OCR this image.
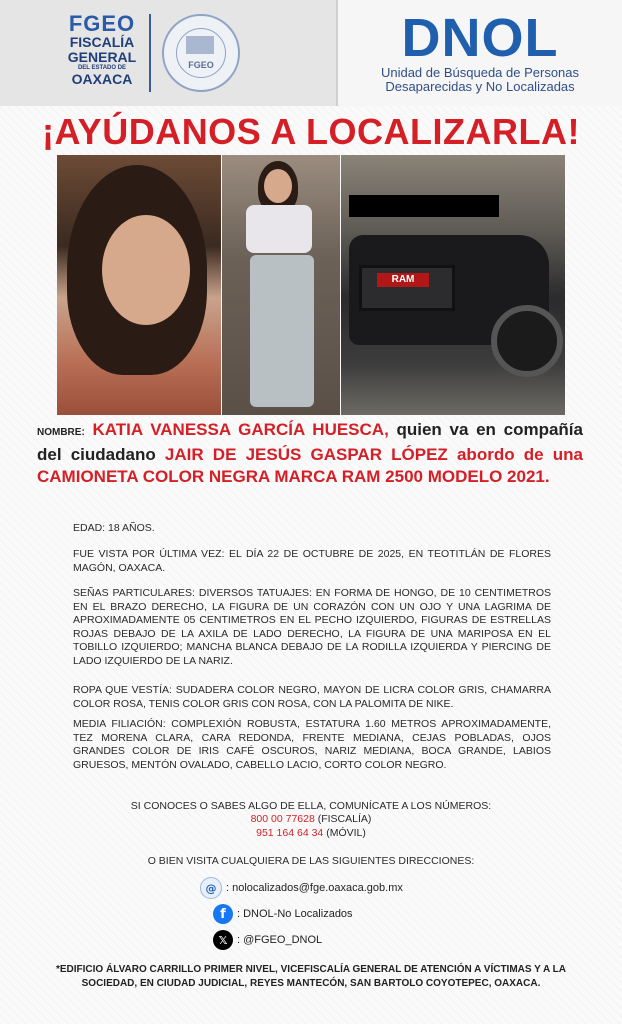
FGEO
FISCALÍA
GENERAL
DEL ESTADO DE
OAXACA
FGEO	DNOL
Unidad de Búsqueda de Personas
Desaparecidas y No Localizadas
¡AYÚDANOS A LOCALIZARLA!
RAM
NOMBRE: KATIA VANESSA GARCÍA HUESCA, quien va en compañía del ciudadano JAIR DE JESÚS GASPAR LÓPEZ abordo de una CAMIONETA COLOR NEGRA MARCA RAM 2500 MODELO 2021.
EDAD: 18 AÑOS.
FUE VISTA POR ÚLTIMA VEZ: EL DÍA 22 DE OCTUBRE DE 2025, EN TEOTITLÁN DE FLORES MAGÓN, OAXACA.
SEÑAS PARTICULARES: DIVERSOS TATUAJES: EN FORMA DE HONGO, DE 10 CENTIMETROS EN EL BRAZO DERECHO, LA FIGURA DE UN CORAZÓN CON UN OJO Y UNA LAGRIMA DE APROXIMADAMENTE 05 CENTIMETROS EN EL PECHO IZQUIERDO, FIGURAS DE ESTRELLAS ROJAS DEBAJO DE LA AXILA DE LADO DERECHO, LA FIGURA DE UNA MARIPOSA EN EL TOBILLO IZQUIERDO; MANCHA BLANCA DEBAJO DE LA RODILLA IZQUIERDA Y PIERCING DE LADO IZQUIERDO DE LA NARIZ.
ROPA QUE VESTÍA: SUDADERA COLOR NEGRO, MAYON DE LICRA COLOR GRIS, CHAMARRA COLOR ROSA, TENIS COLOR GRIS CON ROSA, CON LA PALOMITA DE NIKE.
MEDIA FILIACIÓN: COMPLEXIÓN ROBUSTA, ESTATURA 1.60 METROS APROXIMADAMENTE, TEZ MORENA CLARA, CARA REDONDA, FRENTE MEDIANA, CEJAS POBLADAS, OJOS GRANDES COLOR DE IRIS CAFÉ OSCUROS, NARIZ MEDIANA, BOCA GRANDE, LABIOS GRUESOS, MENTÓN OVALADO, CABELLO LACIO, CORTO COLOR NEGRO.
SI CONOCES O SABES ALGO DE ELLA, COMUNÍCATE A LOS NÚMEROS:
800 00 77628 (FISCALÍA)
951 164 64 34 (MÓVIL)
O BIEN VISITA CUALQUIERA DE LAS SIGUIENTES DIRECCIONES:
@ : nolocalizados@fge.oaxaca.gob.mx
f	: DNOL-No Localizados
𝕏 : @FGEO_DNOL
*EDIFICIO ÁLVARO CARRILLO PRIMER NIVEL, VICEFISCALÍA GENERAL DE ATENCIÓN A VÍCTIMAS Y A LA SOCIEDAD, EN CIUDAD JUDICIAL, REYES MANTECÓN, SAN BARTOLO COYOTEPEC, OAXACA.
